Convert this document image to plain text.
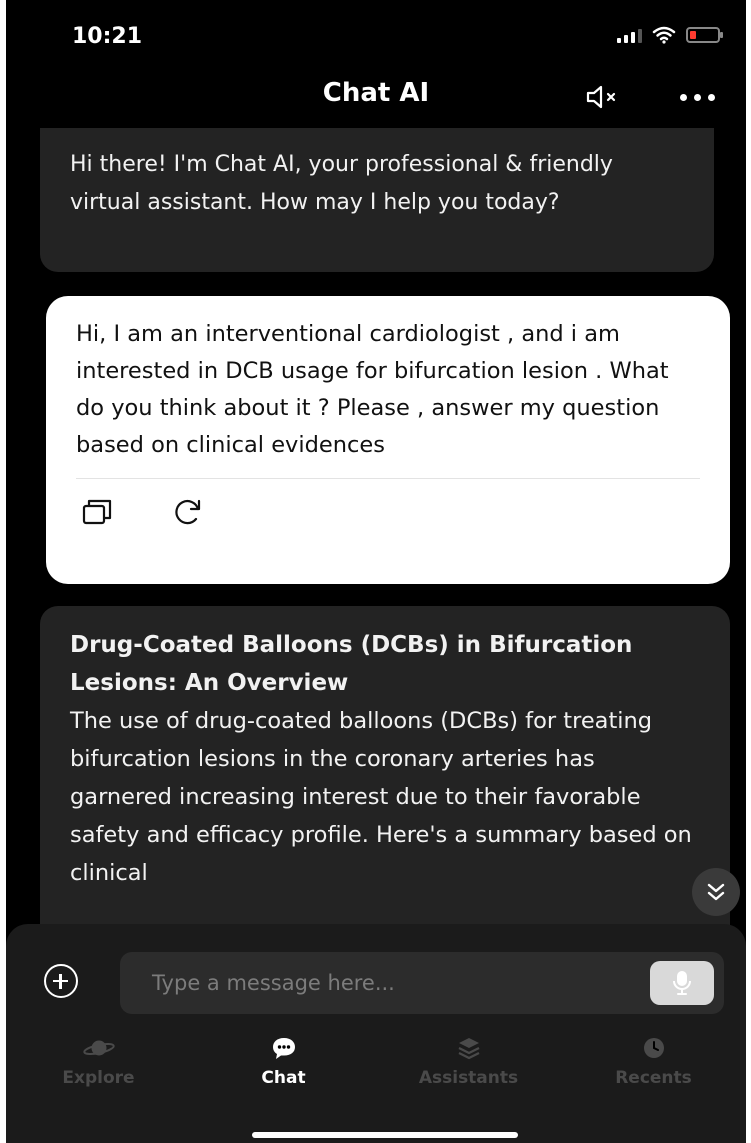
10:21
Chat AI
Hi there! I'm Chat AI, your professional & friendly virtual assistant. How may I help you today?
Hi, I am an interventional cardiologist , and i am interested in DCB usage for bifurcation lesion . What do you think about it ? Please , answer my question based on clinical evidences
Drug-Coated Balloons (DCBs) in Bifurcation Lesions: An Overview
The use of drug-coated balloons (DCBs) for treating bifurcation lesions in the coronary arteries has garnered increasing interest due to their favorable safety and efficacy profile. Here's a summary based on clinical
Type a message here...
Explore	Chat	Assistants	Recents
